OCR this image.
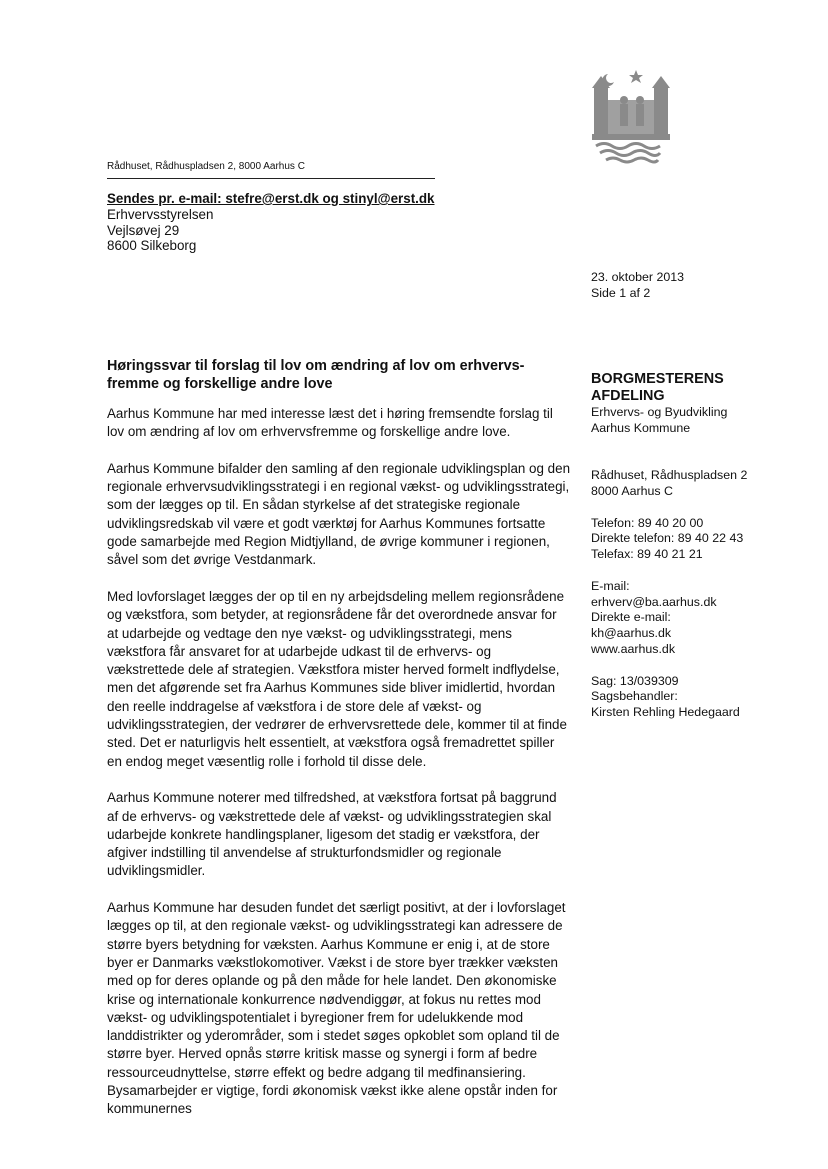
Rådhuset, Rådhuspladsen 2, 8000 Aarhus C
Sendes pr. e-mail: stefre@erst.dk og stinyl@erst.dk
Erhvervsstyrelsen
Vejlsøvej 29
8600 Silkeborg
23. oktober 2013
Side 1 af 2
Høringssvar til forslag til lov om ændring af lov om erhvervs-
fremme og forskellige andre love

Aarhus Kommune har med interesse læst det i høring fremsendte forslag til lov om ændring af lov om erhvervsfremme og forskellige andre love.

Aarhus Kommune bifalder den samling af den regionale udviklingsplan og den regionale erhvervsudviklingsstrategi i en regional vækst- og udviklingsstrategi, som der lægges op til. En sådan styrkelse af det strategiske regionale udviklingsredskab vil være et godt værktøj for Aarhus Kommunes fortsatte gode samarbejde med Region Midtjylland, de øvrige kommuner i regionen, såvel som det øvrige Vestdanmark.

Med lovforslaget lægges der op til en ny arbejdsdeling mellem regionsrådene og vækstfora, som betyder, at regionsrådene får det overordnede ansvar for at udarbejde og vedtage den nye vækst- og udviklingsstrategi, mens vækstfora får ansvaret for at udarbejde udkast til de erhvervs- og vækstrettede dele af strategien. Vækstfora mister herved formelt indflydelse, men det afgørende set fra Aarhus Kommunes side bliver imidlertid, hvordan den reelle inddragelse af vækstfora i de store dele af vækst- og udviklingsstrategien, der vedrører de erhvervsrettede dele, kommer til at finde sted. Det er naturligvis helt essentielt, at vækstfora også fremadrettet spiller en endog meget væsentlig rolle i forhold til disse dele.

Aarhus Kommune noterer med tilfredshed, at vækstfora fortsat på baggrund af de erhvervs- og vækstrettede dele af vækst- og udviklingsstrategien skal udarbejde konkrete handlingsplaner, ligesom det stadig er vækstfora, der afgiver indstilling til anvendelse af strukturfondsmidler og regionale udviklingsmidler.

Aarhus Kommune har desuden fundet det særligt positivt, at der i lovforslaget lægges op til, at den regionale vækst- og udviklingsstrategi kan adressere de større byers betydning for væksten. Aarhus Kommune er enig i, at de store byer er Danmarks vækstlokomotiver. Vækst i de store byer trækker væksten med op for deres oplande og på den måde for hele landet. Den økonomiske krise og internationale konkurrence nødvendiggør, at fokus nu rettes mod vækst- og udviklingspotentialet i byregioner frem for udelukkende mod landdistrikter og yderområder, som i stedet søges opkoblet som opland til de større byer. Herved opnås større kritisk masse og synergi i form af bedre ressourceudnyttelse, større effekt og bedre adgang til medfinansiering. Bysamarbejder er vigtige, fordi økonomisk vækst ikke alene opstår inden for kommunernes

BORGMESTERENS
AFDELING
Erhvervs- og Byudvikling
Aarhus Kommune
Rådhuset, Rådhuspladsen 2
8000 Aarhus C
Telefon: 89 40 20 00
Direkte telefon: 89 40 22 43
Telefax: 89 40 21 21
E-mail:
erhverv@ba.aarhus.dk
Direkte e-mail:
kh@aarhus.dk
www.aarhus.dk
Sag: 13/039309
Sagsbehandler:
Kirsten Rehling Hedegaard
